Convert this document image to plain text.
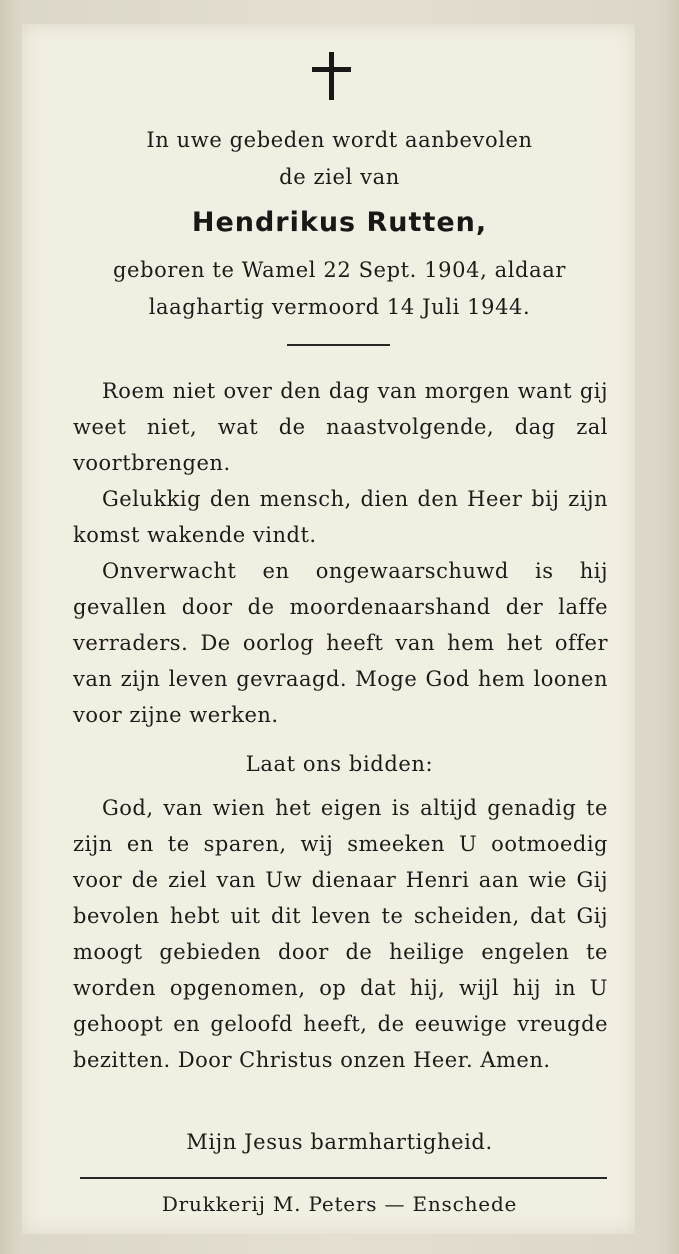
In uwe gebeden wordt aanbevolen
de ziel van
Hendrikus Rutten,
geboren te Wamel 22 Sept. 1904, aldaar
laaghartig vermoord 14 Juli 1944.

Roem niet over den dag van morgen want gij weet niet, wat de naastvolgende, dag zal voortbrengen.

Gelukkig den mensch, dien den Heer bij zijn komst wakende vindt.

Onverwacht en ongewaarschuwd is hij gevallen door de moordenaarshand der laffe verraders. De oorlog heeft van hem het offer van zijn leven gevraagd. Moge God hem loonen voor zijne werken.

Laat ons bidden:

God, van wien het eigen is altijd genadig te zijn en te sparen, wij smeeken U ootmoedig voor de ziel van Uw dienaar Henri aan wie Gij bevolen hebt uit dit leven te scheiden, dat Gij moogt gebieden door de heilige engelen te worden opgenomen, op dat hij, wijl hij in U gehoopt en geloofd heeft, de eeuwige vreugde bezitten. Door Christus onzen Heer. Amen.

Mijn Jesus barmhartigheid.
Drukkerij M. Peters — Enschede
